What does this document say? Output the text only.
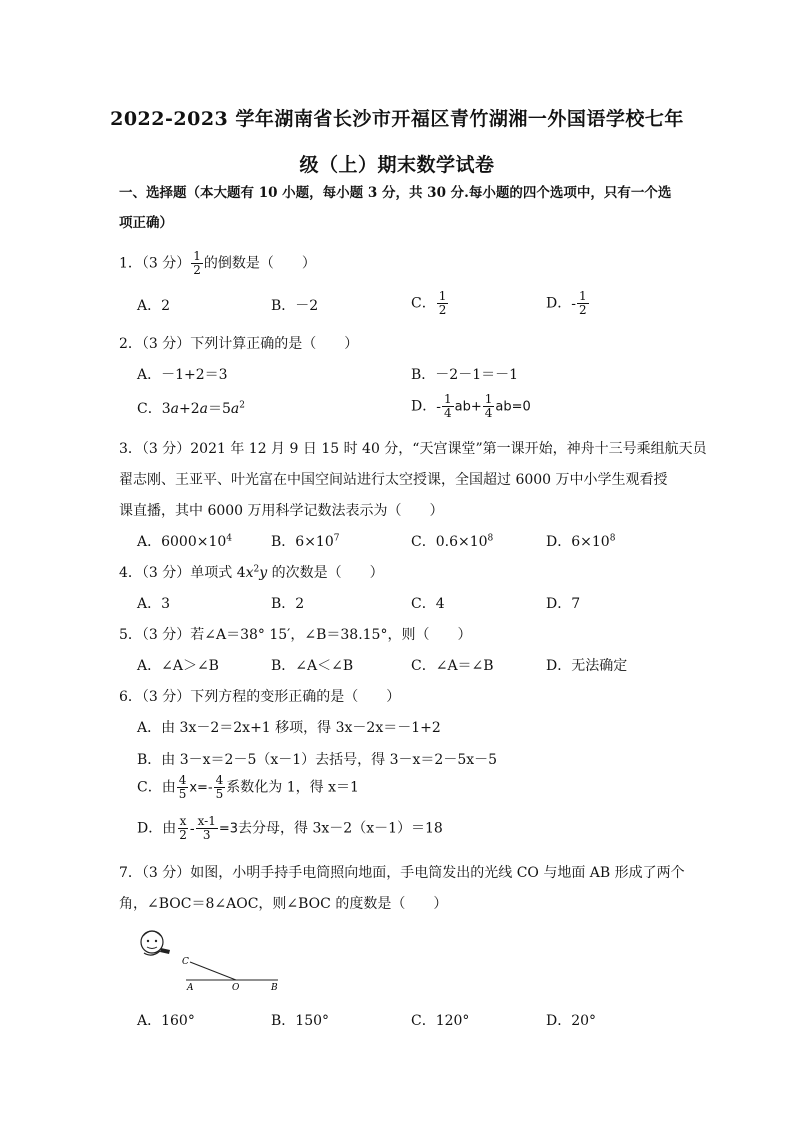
2022-2023 学年湖南省长沙市开福区青竹湖湘一外国语学校七年
级（上）期末数学试卷
一、选择题（本大题有 10 小题，每小题 3 分，共 30 分.每小题的四个选项中，只有一个选
项正确）
1．（3 分） $\frac{1}{2}$ 的倒数是（　　）
A．2	B．－2	C． $\frac{1}{2}$	D．- $\frac{1}{2}$
2．（3 分）下列计算正确的是（　　）
A．－1+2＝3	B．－2－1＝－1
C．$3a+2a=5a^2$	D．- $\frac{1}{4} ab+ \frac{1}{4} ab=0$
3．（3 分）2021 年 12 月 9 日 15 时 40 分，“天宫课堂”第一课开始，神舟十三号乘组航天员
翟志刚、王亚平、叶光富在中国空间站进行太空授课，全国超过 6000 万中小学生观看授
课直播，其中 6000 万用科学记数法表示为（　　）
A．$6000\times 10^4$	B．$6\times 10^7$	C．$0.6\times 10^8$	D．$6\times 10^8$
4．（3 分）单项式 $4x^2y$ 的次数是（　　）
A．3	B．2	C．4	D．7
5．（3 分）若∠A＝38° 15′，∠B＝38.15°，则（　　）
A．∠A＞∠B	B．∠A＜∠B	C．∠A＝∠B	D．无法确定
6．（3 分）下列方程的变形正确的是（　　）
A．由 3x－2＝2x+1 移项，得 3x－2x＝－1+2
B．由 3－x＝2－5（x－1）去括号，得 3－x＝2－5x－5
C．由 $\frac{4}{5} x=- \frac{4}{5}$ 系数化为 1，得 x＝1
D．由 $\frac{x}{2} - \frac{x-1}{3} =3$去分母，得 3x－2（x－1）＝18
7．（3 分）如图，小明手持手电筒照向地面，手电筒发出的光线 CO 与地面 AB 形成了两个
角，∠BOC＝8∠AOC，则∠BOC 的度数是（　　）
C
A	O	B
A．160°	B．150°	C．120°	D．20°
